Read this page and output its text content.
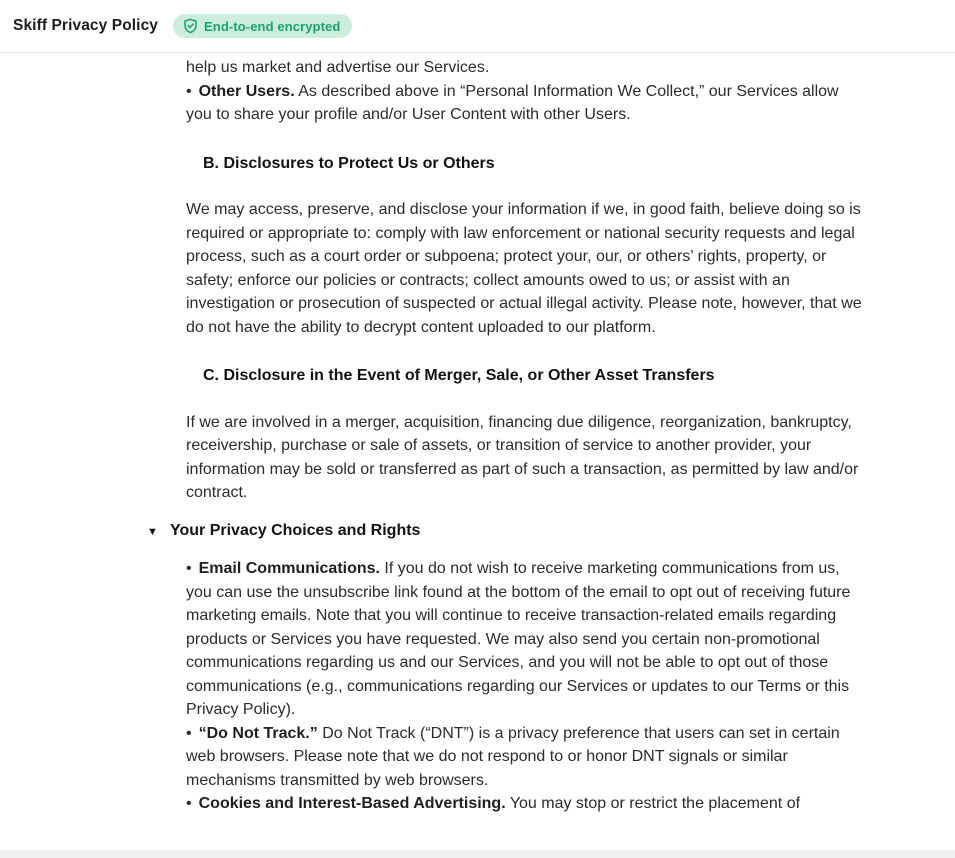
Skiff Privacy Policy	End-to-end encrypted

help us market and advertise our Services.
• Other Users. As described above in “Personal Information We Collect,” our Services allow you to share your profile and/or User Content with other Users.

B. Disclosures to Protect Us or Others

We may access, preserve, and disclose your information if we, in good faith, believe doing so is required or appropriate to: comply with law enforcement or national security requests and legal process, such as a court order or subpoena; protect your, our, or others’ rights, property, or safety; enforce our policies or contracts; collect amounts owed to us; or assist with an investigation or prosecution of suspected or actual illegal activity. Please note, however, that we do not have the ability to decrypt content uploaded to our platform.

C. Disclosure in the Event of Merger, Sale, or Other Asset Transfers

If we are involved in a merger, acquisition, financing due diligence, reorganization, bankruptcy, receivership, purchase or sale of assets, or transition of service to another provider, your information may be sold or transferred as part of such a transaction, as permitted by law and/or contract.

▼ Your Privacy Choices and Rights
• Email Communications. If you do not wish to receive marketing communications from us, you can use the unsubscribe link found at the bottom of the email to opt out of receiving future marketing emails. Note that you will continue to receive transaction-related emails regarding products or Services you have requested. We may also send you certain non-promotional communications regarding us and our Services, and you will not be able to opt out of those communications (e.g., communications regarding our Services or updates to our Terms or this Privacy Policy).
• “Do Not Track.” Do Not Track (“DNT”) is a privacy preference that users can set in certain web browsers. Please note that we do not respond to or honor DNT signals or similar mechanisms transmitted by web browsers.
• Cookies and Interest-Based Advertising. You may stop or restrict the placement of
